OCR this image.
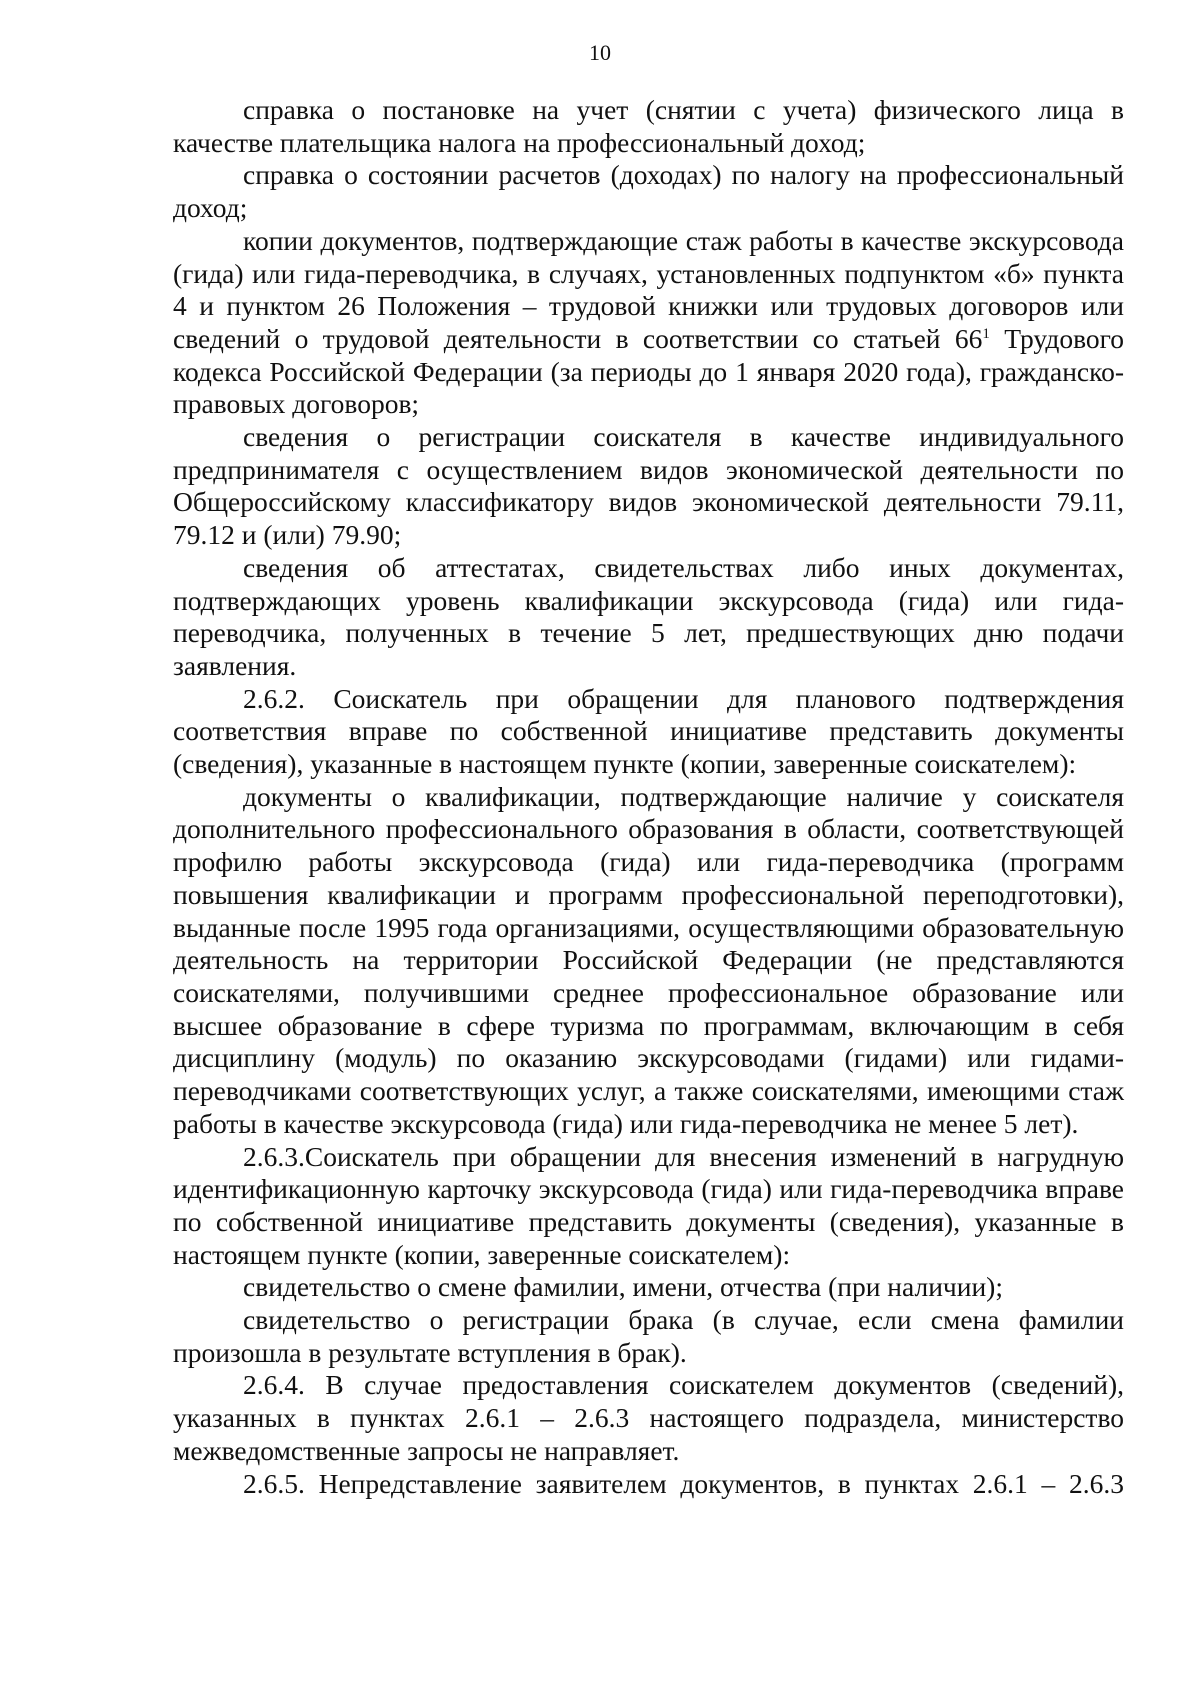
10

справка о постановке на учет (снятии с учета) физического лица в качестве плательщика налога на профессиональный доход;

справка о состоянии расчетов (доходах) по налогу на профессиональный доход;

копии документов, подтверждающие стаж работы в качестве экскурсовода (гида) или гида-переводчика, в случаях, установленных подпунктом «б» пункта 4 и пунктом 26 Положения – трудовой книжки или трудовых договоров или сведений о трудовой деятельности в соответствии со статьей $66^1$ Трудового кодекса Российской Федерации (за периоды до 1 января 2020 года), гражданско-правовых договоров;

сведения о регистрации соискателя в качестве индивидуального предпринимателя с осуществлением видов экономической деятельности по Общероссийскому классификатору видов экономической деятельности 79.11, 79.12 и (или) 79.90;

сведения об аттестатах, свидетельствах либо иных документах, подтверждающих уровень квалификации экскурсовода (гида) или гида-переводчика, полученных в течение 5 лет, предшествующих дню подачи заявления.

2.6.2. Соискатель при обращении для планового подтверждения соответствия вправе по собственной инициативе представить документы (сведения), указанные в настоящем пункте (копии, заверенные соискателем):

документы о квалификации, подтверждающие наличие у соискателя дополнительного профессионального образования в области, соответствующей профилю работы экскурсовода (гида) или гида-переводчика (программ повышения квалификации и программ профессиональной переподготовки), выданные после 1995 года организациями, осуществляющими образовательную деятельность на территории Российской Федерации (не представляются соискателями, получившими среднее профессиональное образование или высшее образование в сфере туризма по программам, включающим в себя дисциплину (модуль) по оказанию экскурсоводами (гидами) или гидами-переводчиками соответствующих услуг, а также соискателями, имеющими стаж работы в качестве экскурсовода (гида) или гида-переводчика не менее 5 лет).

2.6.3.Соискатель при обращении для внесения изменений в нагрудную идентификационную карточку экскурсовода (гида) или гида-переводчика вправе по собственной инициативе представить документы (сведения), указанные в настоящем пункте (копии, заверенные соискателем):

свидетельство о смене фамилии, имени, отчества (при наличии);

свидетельство о регистрации брака (в случае, если смена фамилии произошла в результате вступления в брак).

2.6.4. В случае предоставления соискателем документов (сведений), указанных в пунктах 2.6.1 – 2.6.3 настоящего подраздела, министерство межведомственные запросы не направляет.

2.6.5. Непредставление заявителем документов, в пунктах 2.6.1 – 2.6.3
